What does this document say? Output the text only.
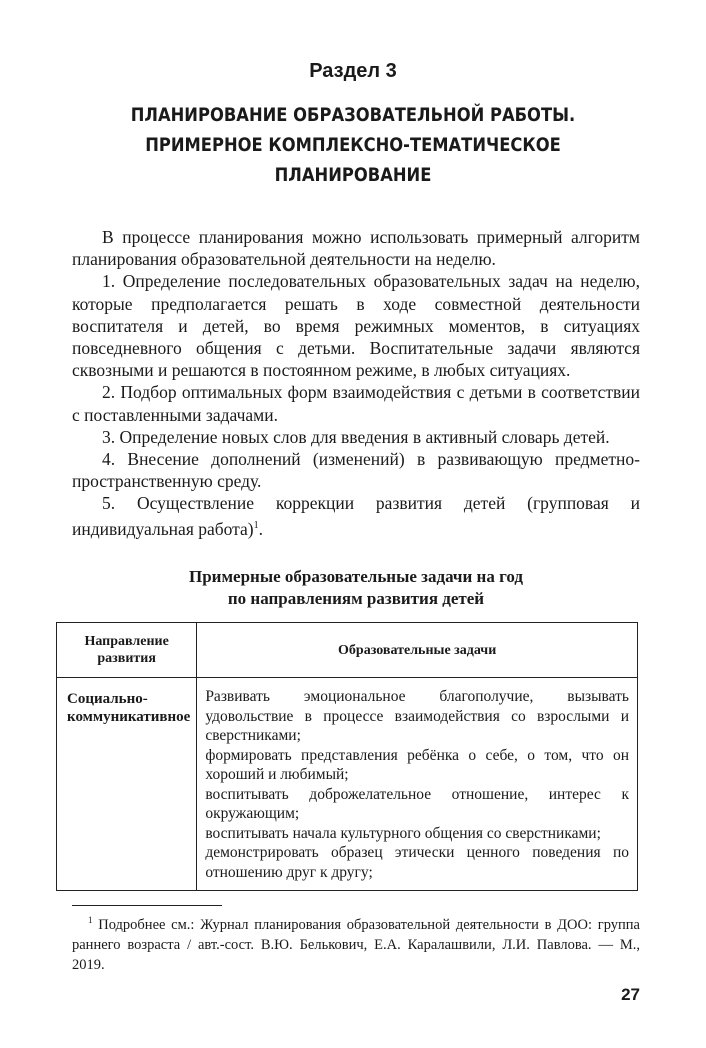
Раздел 3
ПЛАНИРОВАНИЕ ОБРАЗОВАТЕЛЬНОЙ РАБОТЫ.
ПРИМЕРНОЕ КОМПЛЕКСНО-ТЕМАТИЧЕСКОЕ
ПЛАНИРОВАНИЕ

В процессе планирования можно использовать примерный алгоритм планирования образовательной деятельности на неделю.

1. Определение последовательных образовательных задач на неделю, которые предполагается решать в ходе совместной деятельности воспитателя и детей, во время режимных моментов, в ситуациях повседневного общения с детьми. Воспитательные задачи являются сквозными и решаются в постоянном режиме, в любых ситуациях.

2. Подбор оптимальных форм взаимодействия с детьми в соответствии с поставленными задачами.

3. Определение новых слов для введения в активный словарь детей.

4. Внесение дополнений (изменений) в развивающую предметно-пространственную среду.

5. Осуществление коррекции развития детей (групповая и индивидуальная работа)$^1$.

Примерные образовательные задачи на год
по направлениям развития детей
Направление развития	Образовательные задачи
Социально-коммуникативное	Развивать эмоциональное благополучие, вызывать удовольствие в процессе взаимодействия со взрослыми и сверстниками;

формировать представления ребёнка о себе, о том, что он хороший и любимый;

воспитывать доброжелательное отношение, интерес к окружающим;

воспитывать начала культурного общения со сверстниками;

демонстрировать образец этически ценного поведения по отношению друг к другу;

$^1$ Подробнее см.: Журнал планирования образовательной деятельности в ДОО: группа раннего возраста / авт.-сост. В.Ю. Белькович, Е.А. Каралашвили, Л.И. Павлова. — М., 2019.
27
